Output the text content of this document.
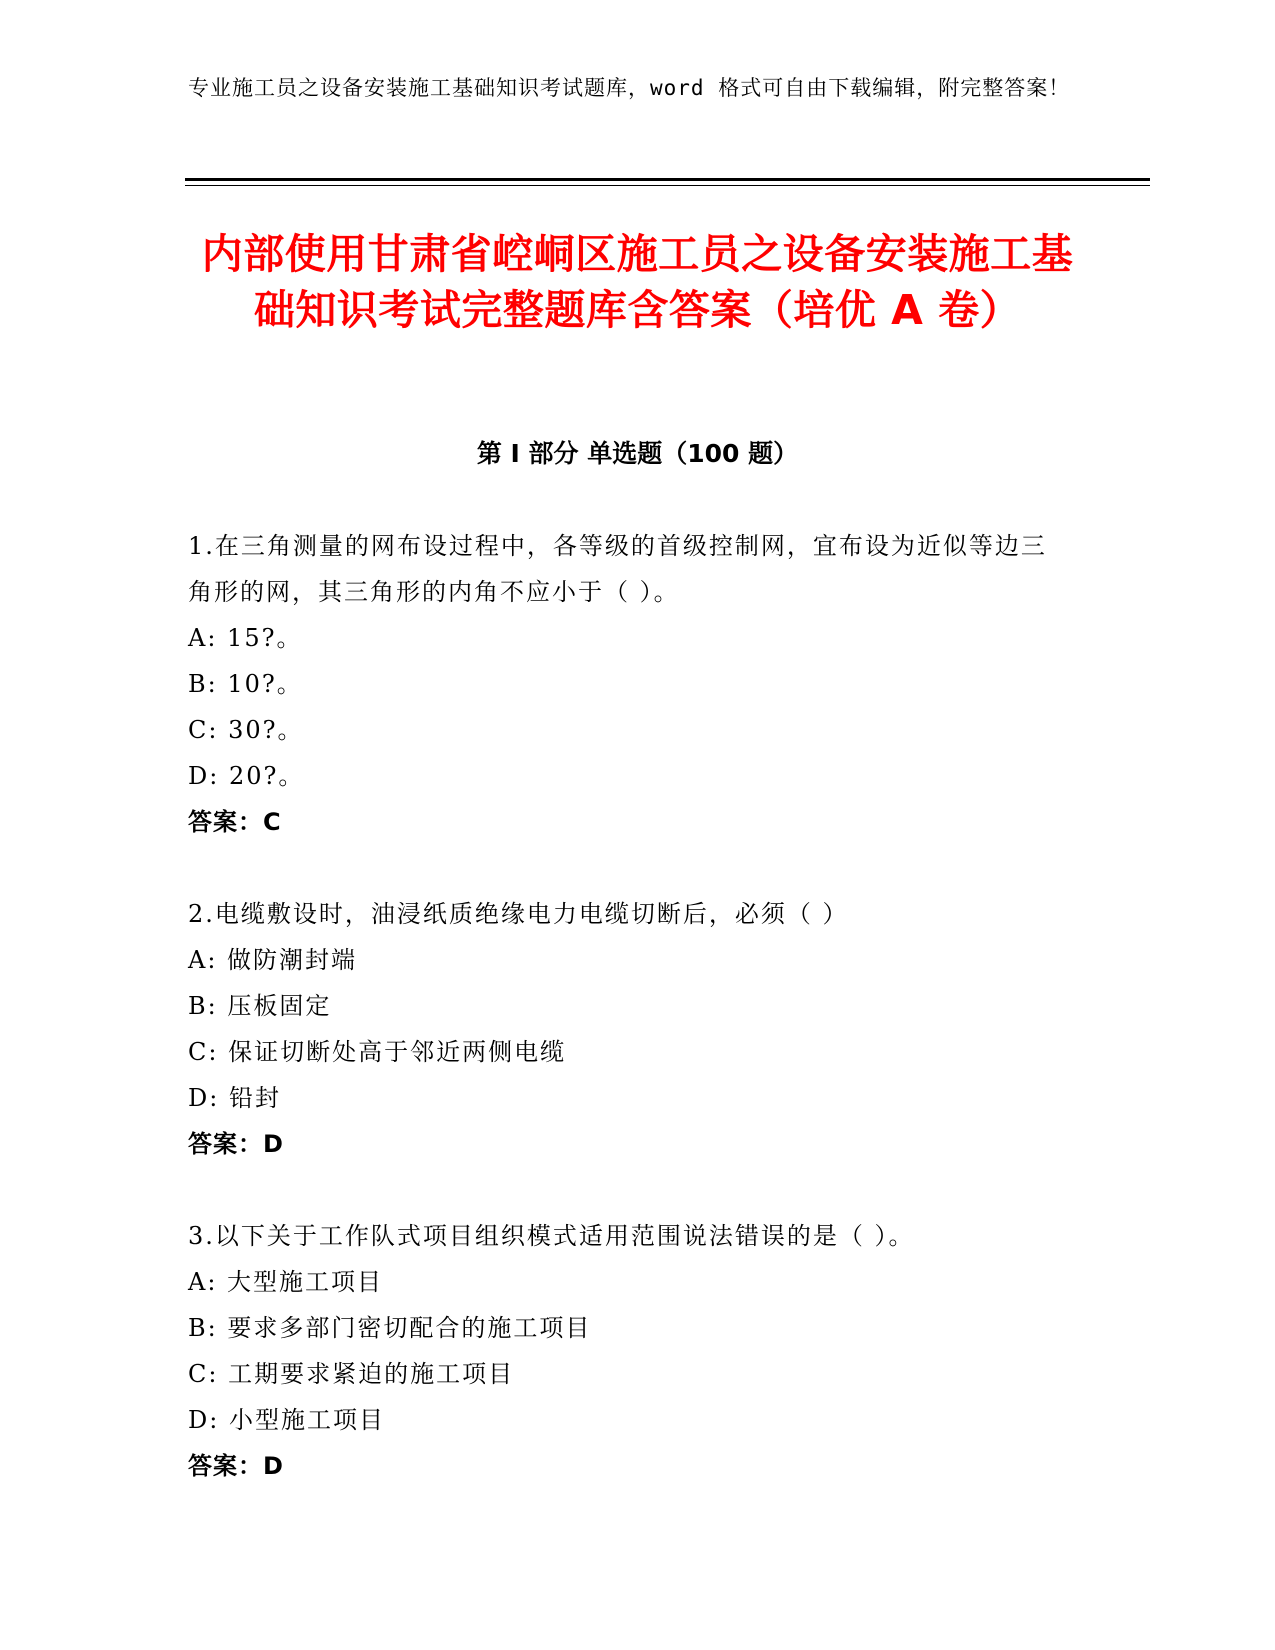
专业施工员之设备安装施工基础知识考试题库，word 格式可自由下载编辑，附完整答案！
内部使用甘肃省崆峒区施工员之设备安装施工基础知识考试完整题库含答案（培优 A 卷）
第 I 部分 单选题（100 题）
1.在三角测量的网布设过程中，各等级的首级控制网，宜布设为近似等边三角形的网，其三角形的内角不应小于（ ）。
A: 15?。
B: 10?。
C: 30?。
D: 20?。
答案：C
2.电缆敷设时，油浸纸质绝缘电力电缆切断后，必须（ ）
A: 做防潮封端
B: 压板固定
C: 保证切断处高于邻近两侧电缆
D: 铅封
答案：D
3.以下关于工作队式项目组织模式适用范围说法错误的是（ ）。
A: 大型施工项目
B: 要求多部门密切配合的施工项目
C: 工期要求紧迫的施工项目
D: 小型施工项目
答案：D
